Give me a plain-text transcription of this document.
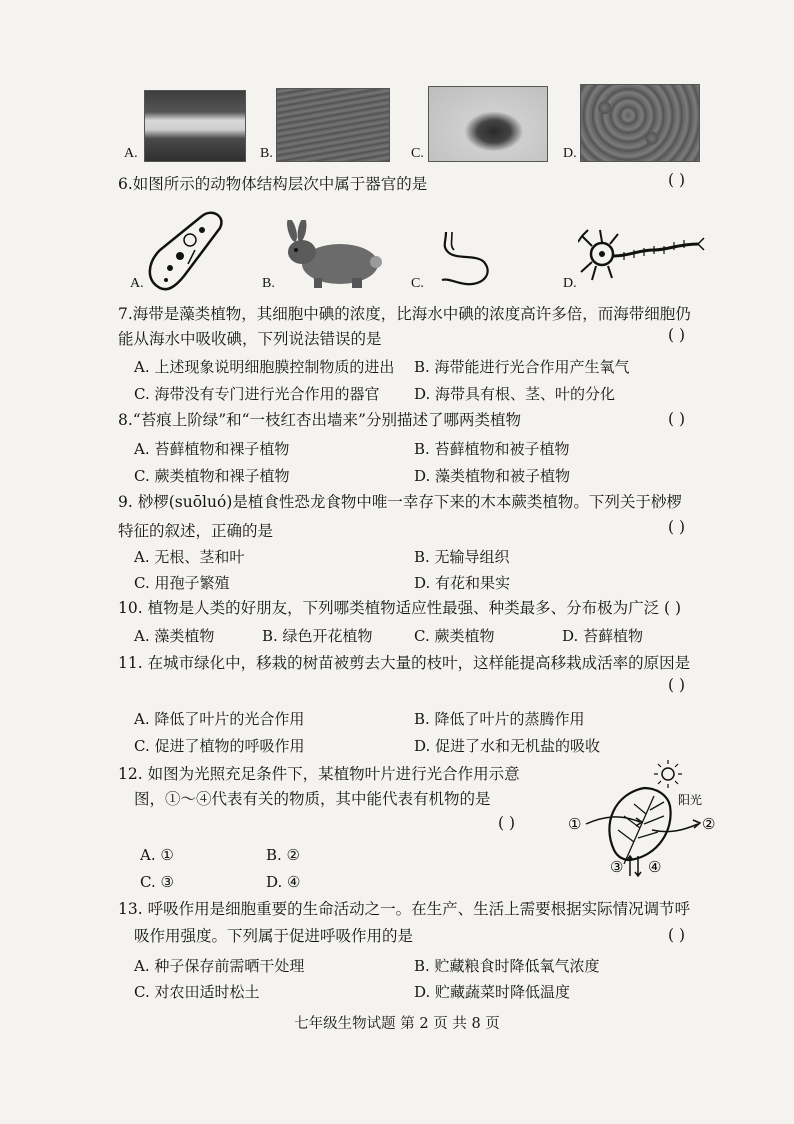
A.	B.	C.	D.
6.如图所示的动物体结构层次中属于器官的是	( )
A.	B.	C.	D.
7.海带是藻类植物，其细胞中碘的浓度，比海水中碘的浓度高许多倍，而海带细胞仍
能从海水中吸收碘，下列说法错误的是	( )
A. 上述现象说明细胞膜控制物质的进出 B. 海带能进行光合作用产生氧气
C. 海带没有专门进行光合作用的器官 D. 海带具有根、茎、叶的分化
8.“苔痕上阶绿”和“一枝红杏出墙来”分别描述了哪两类植物	( )
A. 苔藓植物和裸子植物	B. 苔藓植物和被子植物
C. 蕨类植物和裸子植物	D. 藻类植物和被子植物
9. 桫椤(suōluó)是植食性恐龙食物中唯一幸存下来的木本蕨类植物。下列关于桫椤
特征的叙述，正确的是	( )
A. 无根、茎和叶	B. 无输导组织
C. 用孢子繁殖	D. 有花和果实
10. 植物是人类的好朋友，下列哪类植物适应性最强、种类最多、分布极为广泛 ( )
A. 藻类植物	B. 绿色开花植物	C. 蕨类植物	D. 苔藓植物
11. 在城市绿化中，移栽的树苗被剪去大量的枝叶，这样能提高移栽成活率的原因是
( )
A. 降低了叶片的光合作用	B. 降低了叶片的蒸腾作用
C. 促进了植物的呼吸作用	D. 促进了水和无机盐的吸收
12. 如图为光照充足条件下，某植物叶片进行光合作用示意
图，①～④代表有关的物质，其中能代表有机物的是
( )
A. ①	B. ②
C. ③	D. ④
阳光
①	②
③ ④
13. 呼吸作用是细胞重要的生命活动之一。在生产、生活上需要根据实际情况调节呼
吸作用强度。下列属于促进呼吸作用的是	( )
A. 种子保存前需晒干处理	B. 贮藏粮食时降低氧气浓度
C. 对农田适时松土	D. 贮藏蔬菜时降低温度
七年级生物试题 第 2 页 共 8 页
